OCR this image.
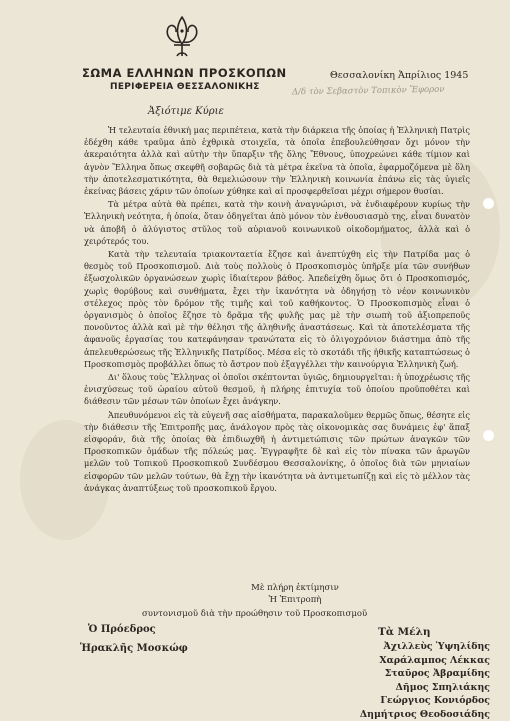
ΣΩΜΑ ΕΛΛΗΝΩΝ ΠΡΟΣΚΟΠΩΝ
ΠΕΡΙΦΕΡΕΙΑ ΘΕΣΣΑΛΟΝΙΚΗΣ
Θεσσαλονίκη Ἀπρίλιος 1945
Δ/δ τὸν Σεβαστὸν Τοπικὸν Ἔφορον
Ἀξιότιμε Κύριε

Ἡ τελευταία ἐθνικὴ μας περιπέτεια, κατὰ τὴν διάρκεια τῆς ὁποίας ἡ Ἑλληνικὴ Πατρὶς ἐδέχθη κάθε τραῦμα ἀπὸ ἐχθρικὰ στοιχεῖα, τὰ ὁποῖα ἐπεβουλεύθησαν ὄχι μόνον τὴν ἀκεραιότητα ἀλλὰ καὶ αὐτὴν τὴν ὕπαρξιν τῆς ὅλης Ἔθνους, ὑποχρεώνει κάθε τίμιον καὶ ἁγνὸν Ἕλληνα ὅπως σκεφθῆ σοβαρῶς διὰ τὰ μέτρα ἐκεῖνα τὰ ὁποῖα, ἐφαρμοζόμενα μὲ ὅλη τὴν ἀποτελεσματικότητα, θὰ θεμελιώσουν τὴν Ἑλληνικὴ κοινωνία ἐπάνω εἰς τὰς ὑγιεῖς ἐκείνας βάσεις χάριν τῶν ὁποίων χύθηκε καὶ αἱ προσφερθεῖσαι μέχρι σήμερον θυσίαι.

Τὰ μέτρα αὐτὰ θὰ πρέπει, κατὰ τὴν κοινὴ ἀναγνώρισι, νὰ ἐνδιαφέρουν κυρίως τὴν Ἑλληνικὴ νεότητα, ἡ ὁποία, ὅταν ὁδηγεῖται ἀπὸ μόνον τὸν ἐνθουσιασμὸ της, εἶναι δυνατὸν νὰ ἀποβῆ ὁ ἀλύγιστος στῦλος τοῦ αὐριανοῦ κοινωνικοῦ οἰκοδομήματος, ἀλλὰ καὶ ὁ χειρότερός του.

Κατὰ τὴν τελευταία τριακονταετία ἔζησε καὶ ἀνεπτύχθη εἰς τὴν Πατρίδα μας ὁ θεσμὸς τοῦ Προσκοπισμοῦ. Διὰ τοὺς πολλοὺς ὁ Προσκοπισμὸς ὑπῆρξε μία τῶν συνήθων ἐξωσχολικῶν ὀργανώσεων χωρὶς ἰδιαίτερον βάθος. Ἀπεδείχθη ὅμως ὅτι ὁ Προσκοπισμός, χωρὶς θορύβους καὶ συνθήματα, ἔχει τὴν ἱκανότητα νὰ ὁδηγήσῃ τὸ νέον κοινωνικὸν στέλεχος πρὸς τὸν δρόμον τῆς τιμῆς καὶ τοῦ καθήκοντος. Ὁ Προσκοπισμὸς εἶναι ὁ ὀργανισμὸς ὁ ὁποῖος ἔζησε τὸ δρᾶμα τῆς φυλῆς μας μὲ τὴν σιωπὴ τοῦ ἀξιοπρεποῦς πονοῦντος ἀλλὰ καὶ μὲ τὴν θέλησι τῆς ἀληθινῆς ἀναστάσεως. Καὶ τὰ ἀποτελέσματα τῆς ἀφανοῦς ἐργασίας του κατεφάνησαν τρανώτατα εἰς τὸ ὀλιγοχρόνιον διάστημα ἀπὸ τῆς ἀπελευθερώσεως τῆς Ἑλληνικῆς Πατρίδος. Μέσα εἰς τὸ σκοτάδι τῆς ἠθικῆς καταπτώσεως ὁ Προσκοπισμὸς προβάλλει ὅπως τὸ ἄστρον ποὺ ἐξαγγέλλει τὴν καινούργια Ἑλληνικὴ ζωή.

Δι' ὅλους τοὺς Ἕλληνας οἱ ὁποῖοι σκέπτονται ὑγιῶς, δημιουργεῖται: ἡ ὑποχρέωσις τῆς ἐνισχύσεως τοῦ ὡραίου αὐτοῦ θεσμοῦ, ἡ πλήρης ἐπιτυχία τοῦ ὁποίου προϋποθέτει καὶ διάθεσιν τῶν μέσων τῶν ὁποίων ἔχει ἀνάγκην.

Ἀπευθυνόμενοι εἰς τὰ εὐγενῆ σας αἰσθήματα, παρακαλοῦμεν θερμῶς ὅπως, θέσητε εἰς τὴν διάθεσιν τῆς Ἐπιτροπῆς μας, ἀνάλογον πρὸς τὰς οἰκονομικὰς σας δυνάμεις ἐφ' ἅπαξ εἰσφοράν, διὰ τῆς ὁποίας θὰ ἐπιδιωχθῆ ἡ ἀντιμετώπισις τῶν πρώτων ἀναγκῶν τῶν Προσκοπικῶν ὁμάδων τῆς πόλεώς μας. Ἐγγραφῆτε δὲ καὶ εἰς τὸν πίνακα τῶν ἀρωγῶν μελῶν τοῦ Τοπικοῦ Προσκοπικοῦ Συνδέσμου Θεσσαλονίκης, ὁ ὁποῖος διὰ τῶν μηνιαίων εἰσφορῶν τῶν μελῶν τούτων, θὰ ἔχῃ τὴν ἱκανότητα νὰ ἀντιμετωπίζῃ καὶ εἰς τὸ μέλλον τὰς ἀνάγκας ἀναπτύξεως τοῦ προσκοπικοῦ ἔργου.

Μὲ πλήρη ἐκτίμησιν
Ἡ Ἐπιτροπὴ
συντονισμοῦ διὰ τὴν προώθησιν τοῦ Προσκοπισμοῦ
Ὁ Πρόεδρος
Ἡρακλῆς Μοσκώφ
Τὰ Μέλη
Ἀχιλλεὺς Ὑψηλίδης
Χαράλαμπος Λέκκας
Σταῦρος Ἀβραμίδης
Δῆμος Σπηλιάκης
Γεώργιος Κονιόρδος
Δημήτριος Θεοδοσιάδης
